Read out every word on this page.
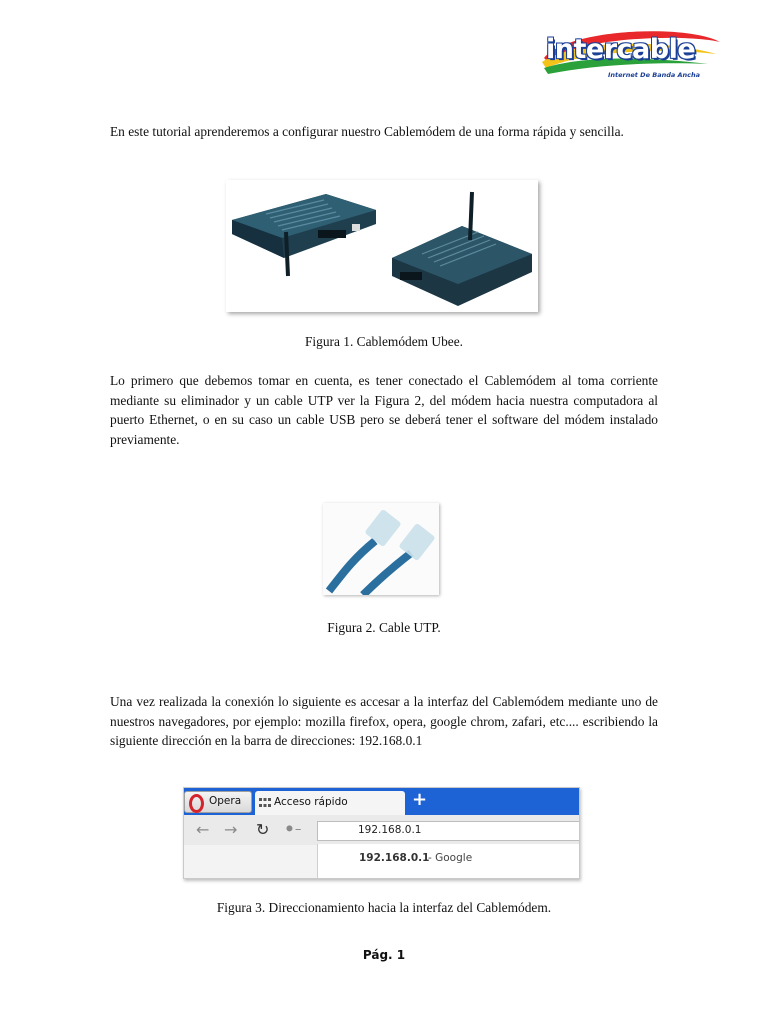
intercable
Internet De Banda Ancha
En este tutorial aprenderemos a configurar nuestro Cablemódem de una forma rápida y sencilla.
Figura 1. Cablemódem Ubee.
Lo primero que debemos tomar en cuenta, es tener conectado el Cablemódem al toma corriente mediante su eliminador y un cable UTP ver la Figura 2, del módem hacia nuestra computadora al puerto Ethernet, o en su caso un cable USB pero se deberá tener el software del módem instalado previamente.
Figura 2. Cable UTP.
Una vez realizada la conexión lo siguiente es accesar a la interfaz del Cablemódem mediante uno de nuestros navegadores, por ejemplo: mozilla firefox, opera, google chrom, zafari, etc.... escribiendo la siguiente dirección en la barra de direcciones: 192.168.0.1
Opera	Acceso rápido	+
← → ↻ ⚫–	192.168.0.1
192.168.0.1
- Google
Figura 3. Direccionamiento hacia la interfaz del Cablemódem.
Pág. 1
